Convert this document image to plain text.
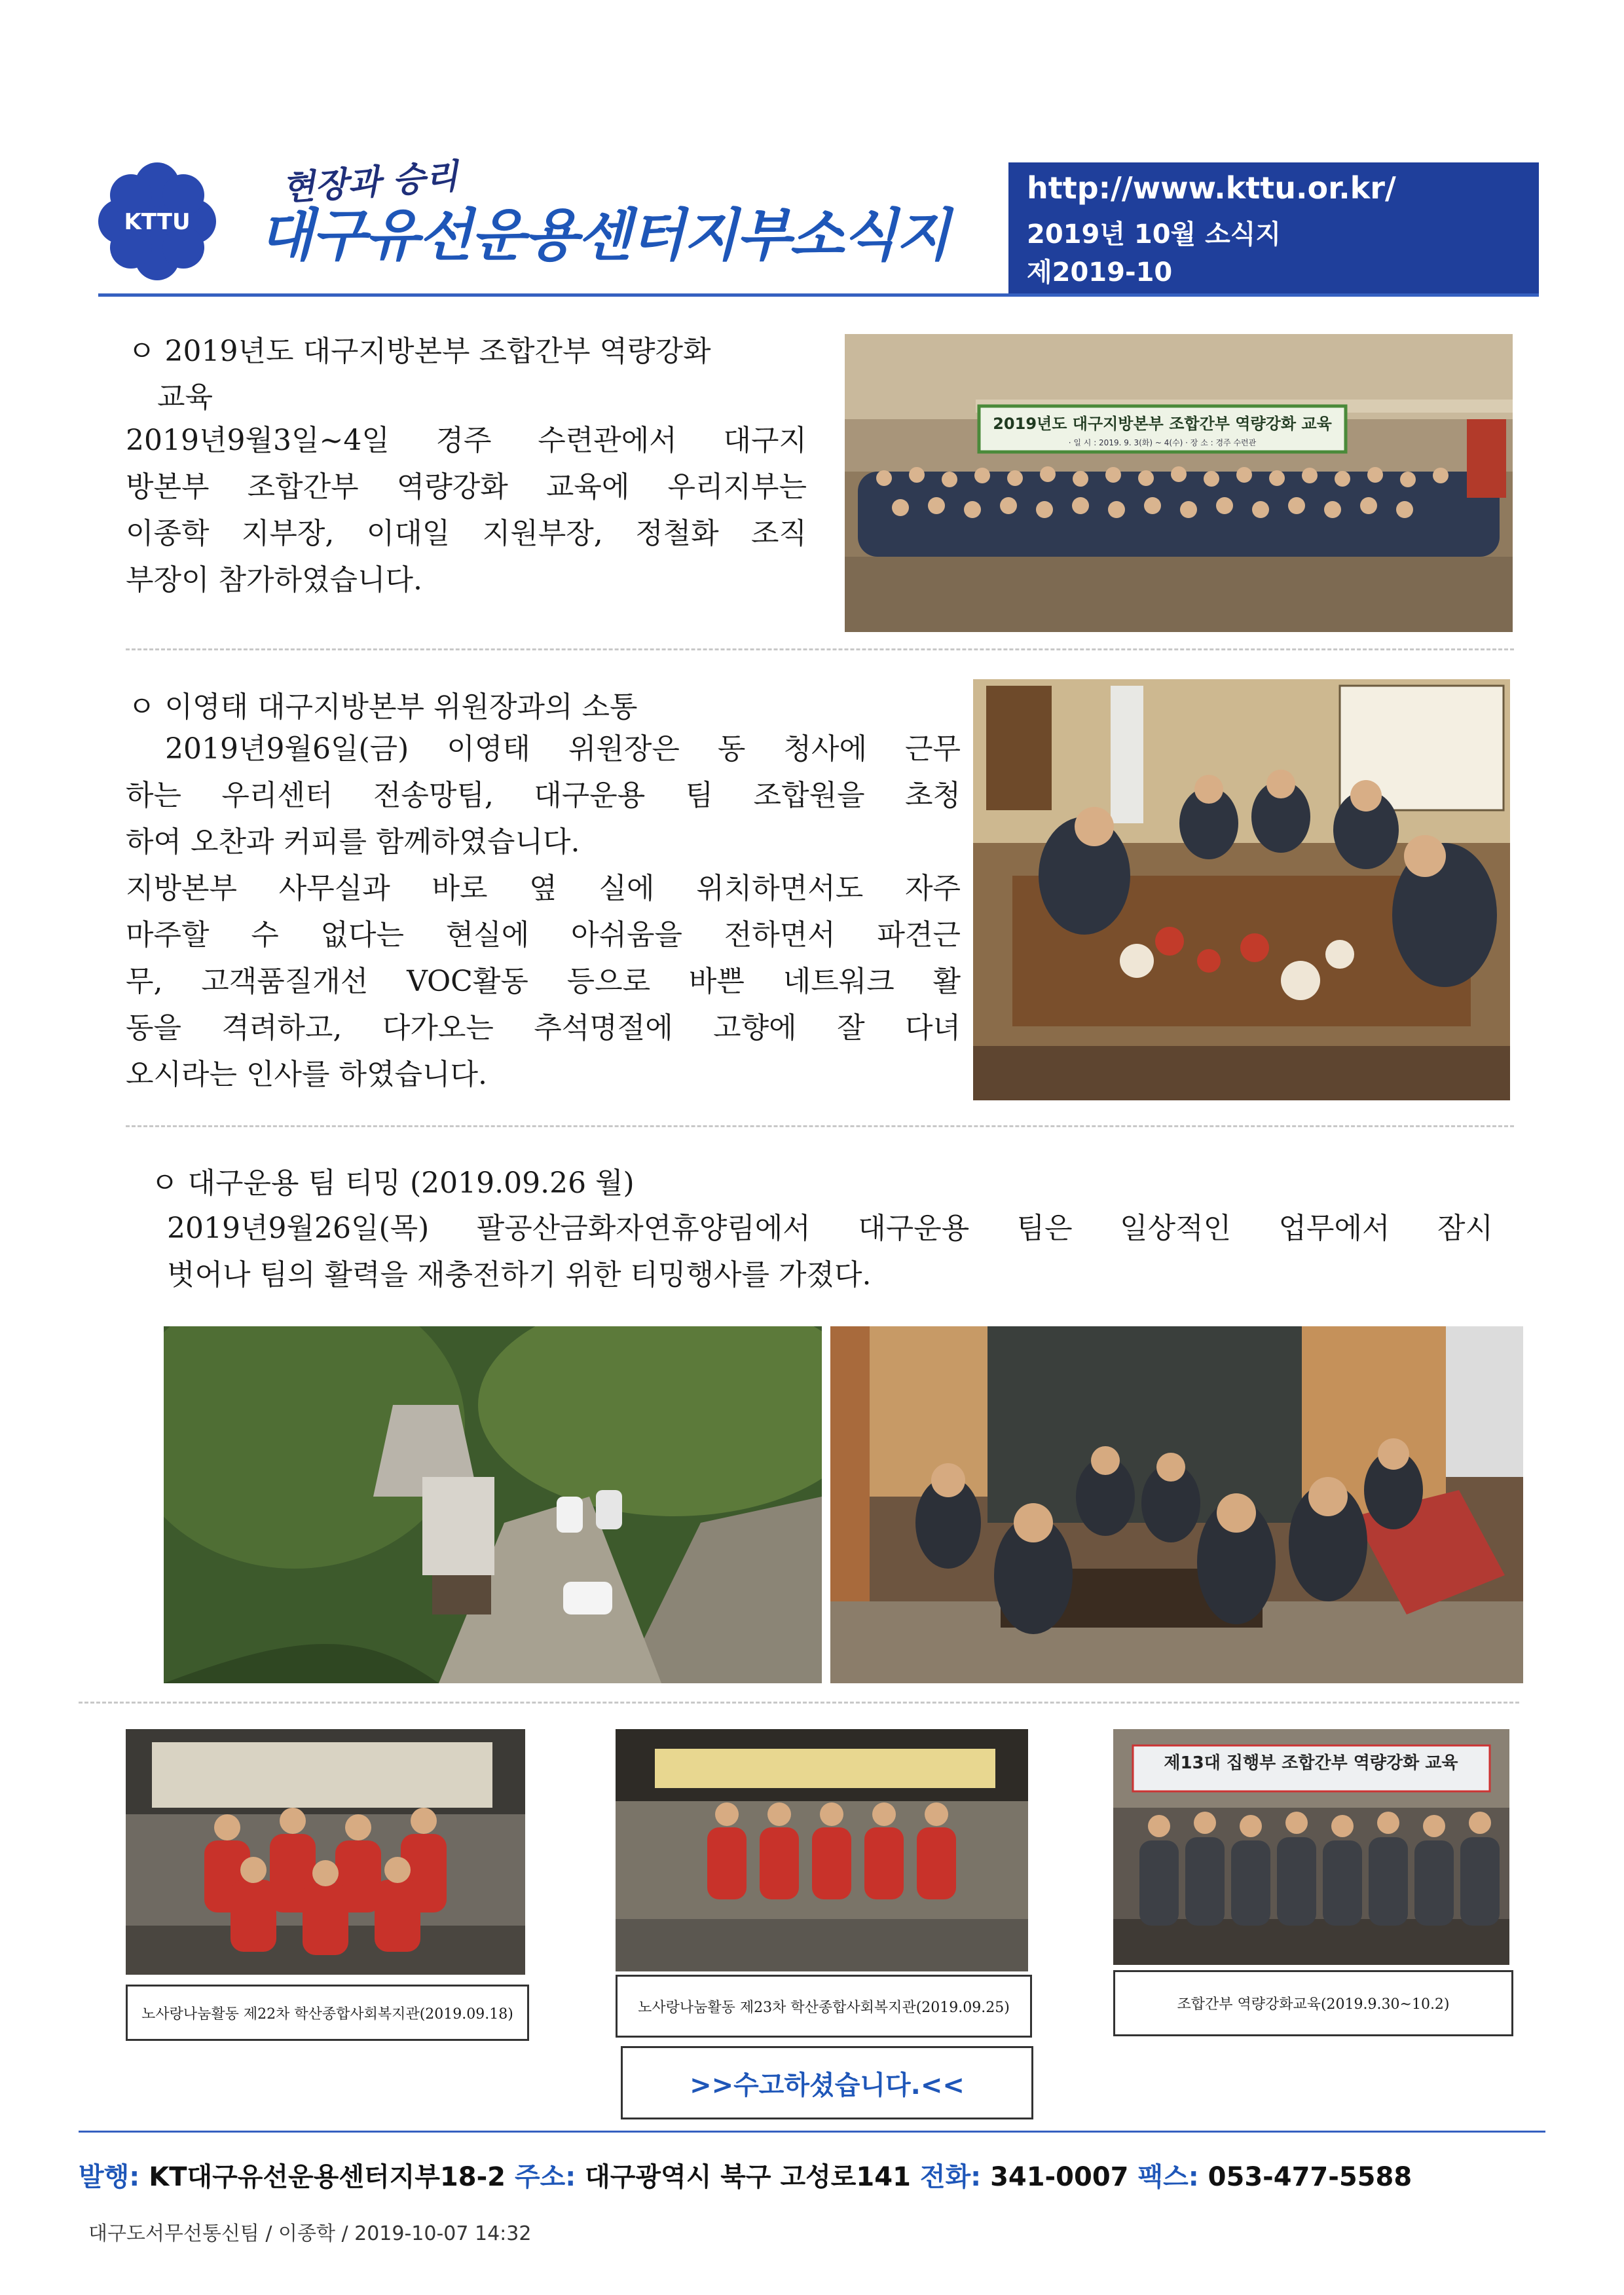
KTTU
현장과 승리
대구유선운용센터지부소식지
http://www.kttu.or.kr/
2019년 10월 소식지
제2019-10
ㅇ 2019년도 대구지방본부 조합간부 역량강화
교육
2019년9월3일~4일 경주 수련관에서 대구지
방본부 조합간부 역량강화 교육에 우리지부는
이종학 지부장, 이대일 지원부장, 정철화 조직
부장이 참가하였습니다.
2019년도 대구지방본부 조합간부 역량강화 교육
· 일 시 : 2019. 9. 3(화) ~ 4(수) · 장 소 : 경주 수련관
ㅇ 이영태 대구지방본부 위원장과의 소통
2019년9월6일(금) 이영태 위원장은 동 청사에 근무
하는 우리센터 전송망팀, 대구운용 팀 조합원을 초청
하여 오찬과 커피를 함께하였습니다.
지방본부 사무실과 바로 옆 실에 위치하면서도 자주
마주할 수 없다는 현실에 아쉬움을 전하면서 파견근
무, 고객품질개선 VOC활동 등으로 바쁜 네트워크 활
동을 격려하고, 다가오는 추석명절에 고향에 잘 다녀
오시라는 인사를 하였습니다.
ㅇ 대구운용 팀 티밍 (2019.09.26 월)
2019년9월26일(목) 팔공산금화자연휴양림에서 대구운용 팀은 일상적인 업무에서 잠시
벗어나 팀의 활력을 재충전하기 위한 티밍행사를 가졌다.
노사랑나눔활동 제22차 학산종합사회복지관(2019.09.18)	노사랑나눔활동 제23차 학산종합사회복지관(2019.09.25)
제13대 집행부 조합간부 역량강화 교육
조합간부 역량강화교육(2019.9.30~10.2)
>>수고하셨습니다.<<
발행: KT대구유선운용센터지부18-2 주소: 대구광역시 북구 고성로141 전화: 341-0007 팩스: 053-477-5588
대구도서무선통신팀 / 이종학 / 2019-10-07 14:32
